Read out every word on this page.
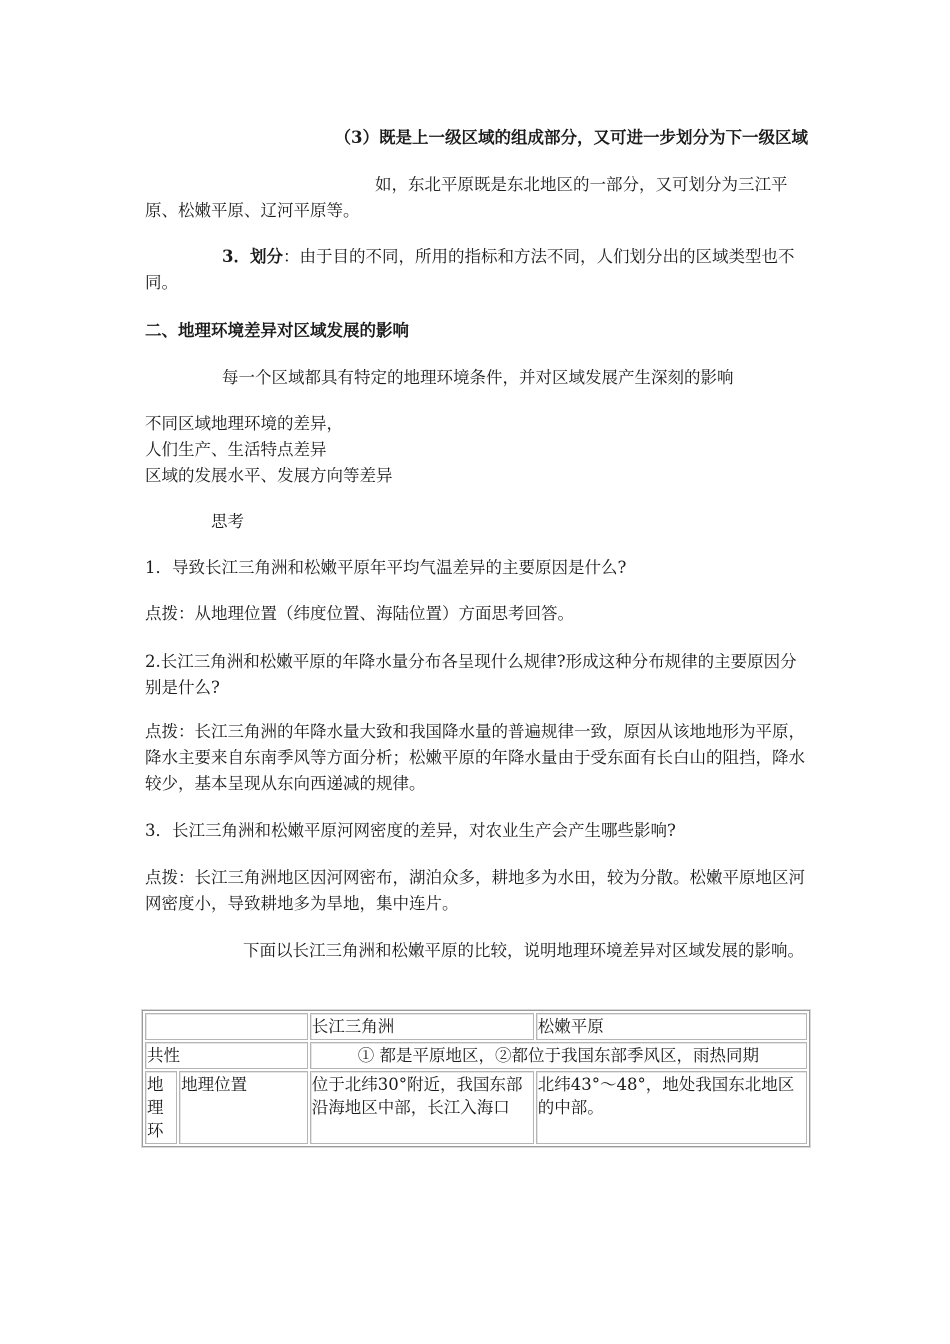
（3）既是上一级区域的组成部分，又可进一步划分为下一级区域

如，东北平原既是东北地区的一部分，又可划分为三江平原、松嫩平原、辽河平原等。

3．划分：由于目的不同，所用的指标和方法不同，人们划分出的区域类型也不同。

二、地理环境差异对区域发展的影响

每一个区域都具有特定的地理环境条件，并对区域发展产生深刻的影响

不同区域地理环境的差异，
人们生产、生活特点差异
区域的发展水平、发展方向等差异

思考

1．导致长江三角洲和松嫩平原年平均气温差异的主要原因是什么?

点拨：从地理位置（纬度位置、海陆位置）方面思考回答。

2.长江三角洲和松嫩平原的年降水量分布各呈现什么规律?形成这种分布规律的主要原因分别是什么?

点拨：长江三角洲的年降水量大致和我国降水量的普遍规律一致，原因从该地地形为平原，降水主要来自东南季风等方面分析；松嫩平原的年降水量由于受东面有长白山的阻挡，降水较少，基本呈现从东向西递减的规律。

3．长江三角洲和松嫩平原河网密度的差异，对农业生产会产生哪些影响?

点拨：长江三角洲地区因河网密布，湖泊众多，耕地多为水田，较为分散。松嫩平原地区河网密度小，导致耕地多为旱地，集中连片。

下面以长江三角洲和松嫩平原的比较，说明地理环境差异对区域发展的影响。

		长江三角洲	松嫩平原
共性		① 都是平原地区，②都位于我国东部季风区，雨热同期	
地理环	地理位置	位于北纬30°附近，我国东部沿海地区中部，长江入海口	北纬43°～48°，地处我国东北地区的中部。
